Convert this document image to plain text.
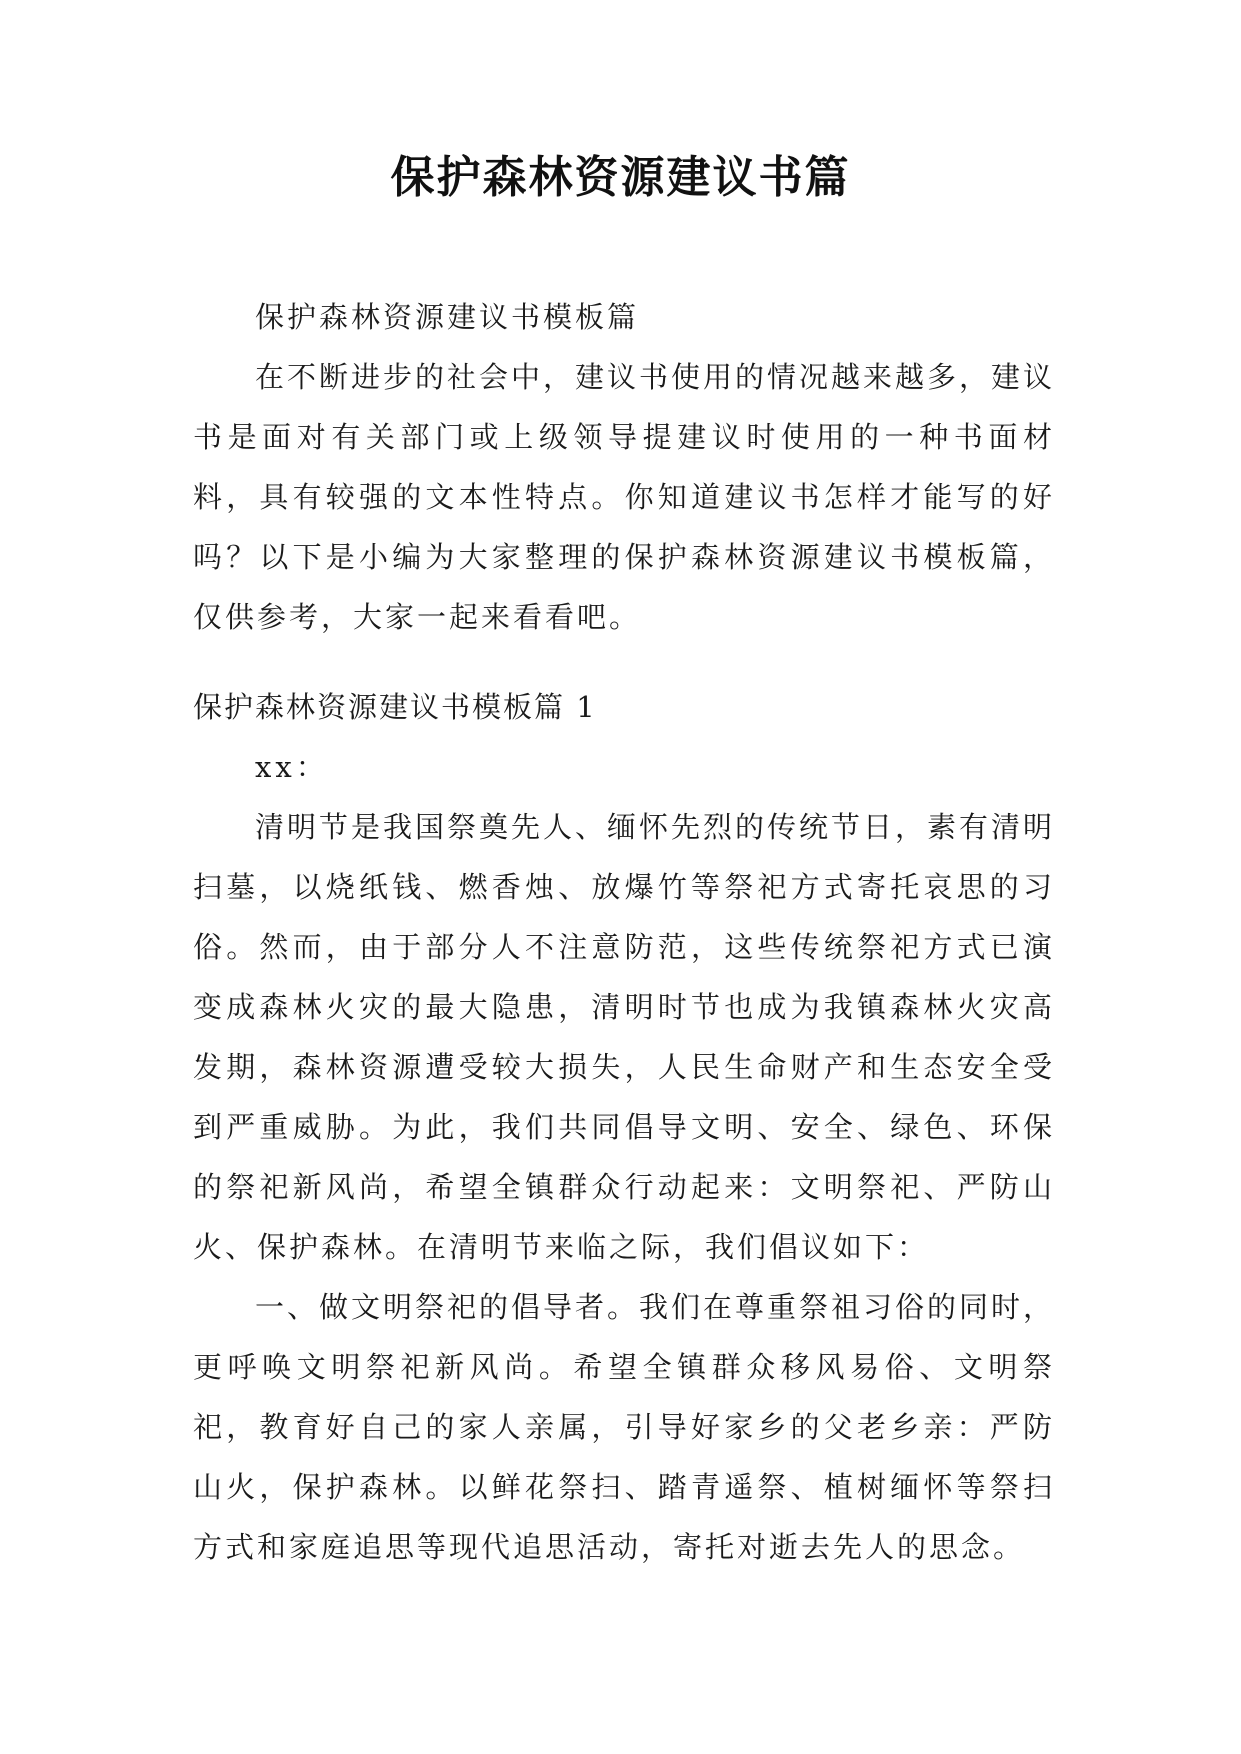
保护森林资源建议书篇

保护森林资源建议书模板篇

在不断进步的社会中，建议书使用的情况越来越多，建议书是面对有关部门或上级领导提建议时使用的一种书面材料，具有较强的文本性特点。你知道建议书怎样才能写的好吗？以下是小编为大家整理的保护森林资源建议书模板篇，仅供参考，大家一起来看看吧。

保护森林资源建议书模板篇 1

xx：

清明节是我国祭奠先人、缅怀先烈的传统节日，素有清明扫墓，以烧纸钱、燃香烛、放爆竹等祭祀方式寄托哀思的习俗。然而，由于部分人不注意防范，这些传统祭祀方式已演变成森林火灾的最大隐患，清明时节也成为我镇森林火灾高发期，森林资源遭受较大损失，人民生命财产和生态安全受到严重威胁。为此，我们共同倡导文明、安全、绿色、环保的祭祀新风尚，希望全镇群众行动起来：文明祭祀、严防山火、保护森林。在清明节来临之际，我们倡议如下：

一、做文明祭祀的倡导者。我们在尊重祭祖习俗的同时，更呼唤文明祭祀新风尚。希望全镇群众移风易俗、文明祭祀，教育好自己的家人亲属，引导好家乡的父老乡亲：严防山火，保护森林。以鲜花祭扫、踏青遥祭、植树缅怀等祭扫方式和家庭追思等现代追思活动，寄托对逝去先人的思念。
